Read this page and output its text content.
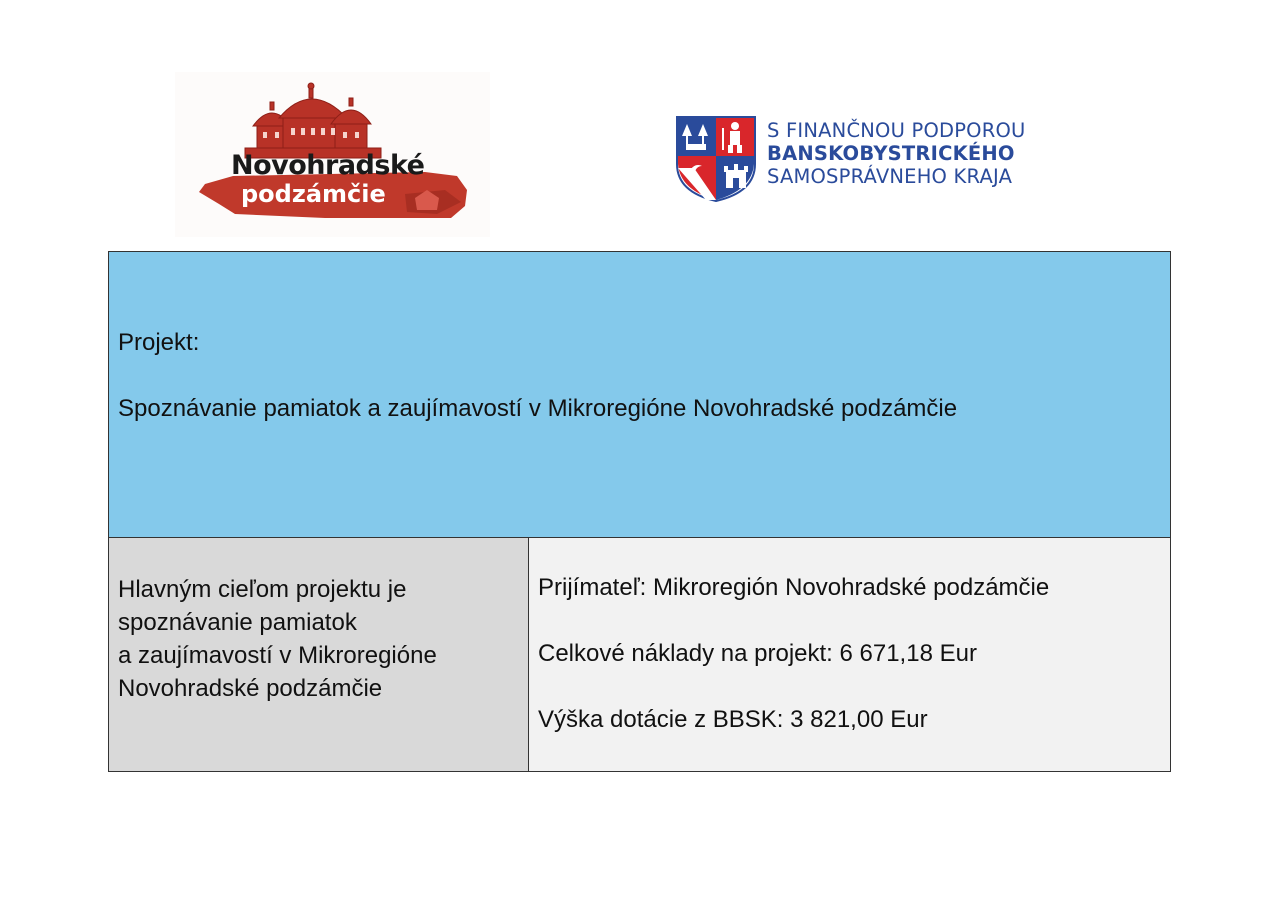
Novohradské
podzámčie
S FINANČNOU PODPOROU
BANSKOBYSTRICKÉHO
SAMOSPRÁVNEHO KRAJA
Projekt:
Spoznávanie pamiatok a zaujímavostí v Mikroregióne Novohradské podzámčie
Hlavným cieľom projektu je
spoznávanie pamiatok
a zaujímavostí v Mikroregióne
Novohradské podzámčie
Prijímateľ: Mikroregión Novohradské podzámčie
Celkové náklady na projekt: 6 671,18 Eur
Výška dotácie z BBSK: 3 821,00 Eur
